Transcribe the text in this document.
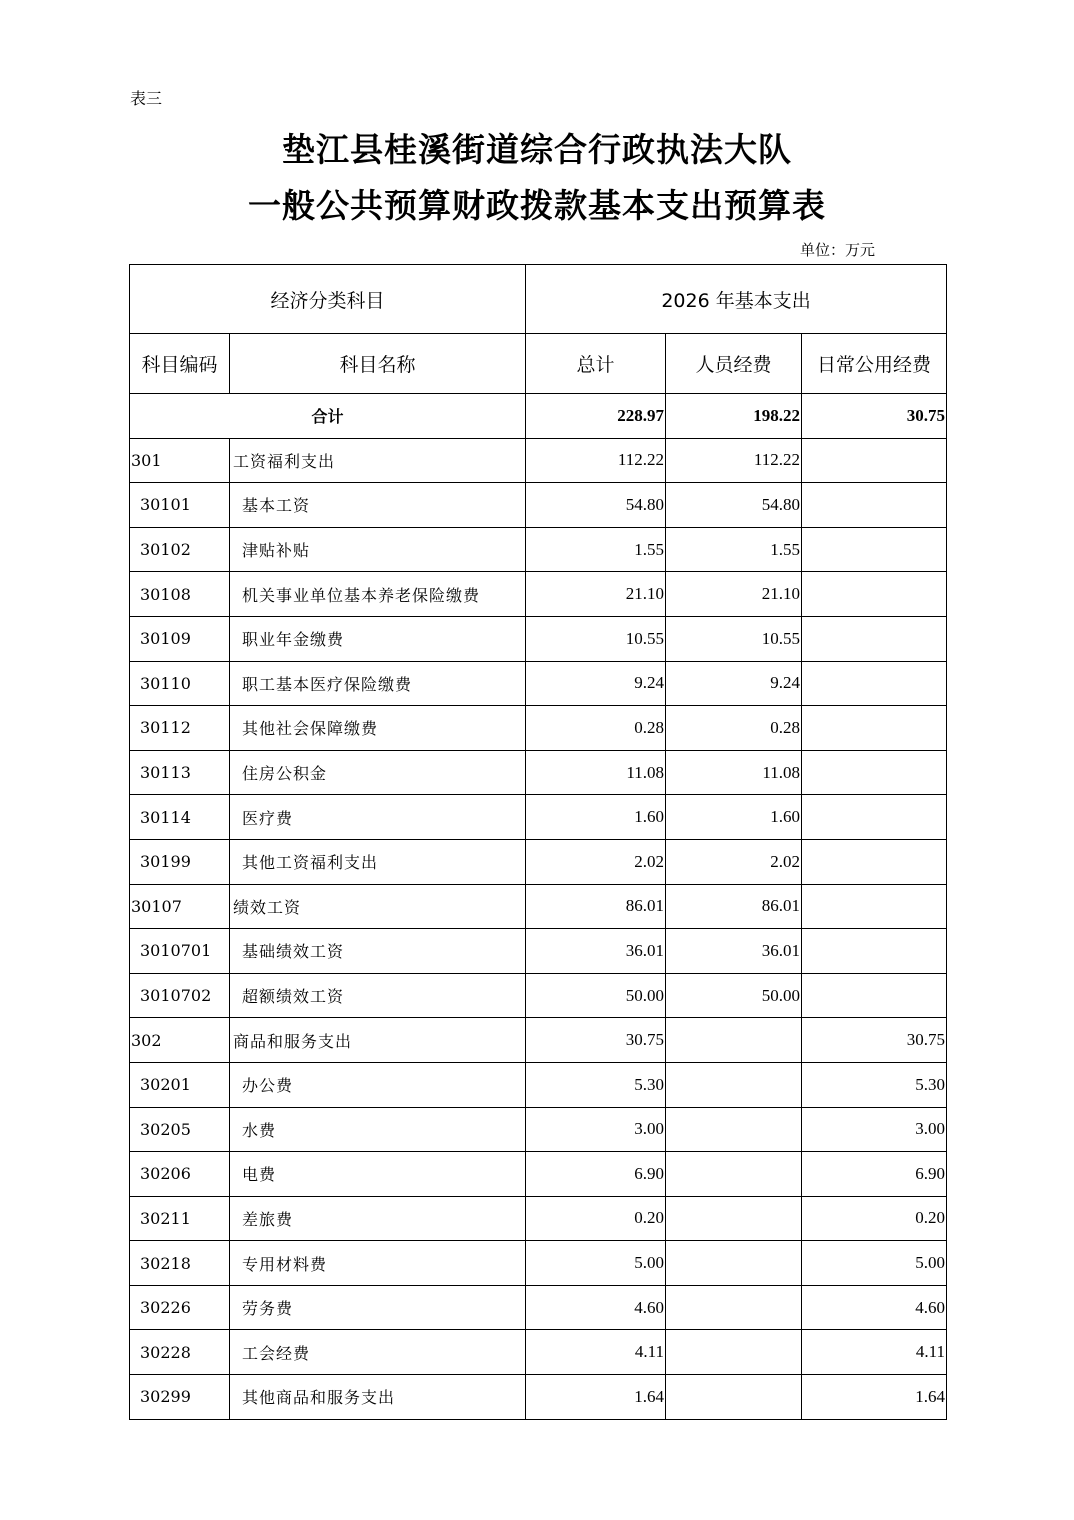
表三
垫江县桂溪街道综合行政执法大队
一般公共预算财政拨款基本支出预算表
单位：万元
经济分类科目		2026 年基本支出		
科目编码	科目名称	总计	人员经费	日常公用经费
合计		228.97	198.22	30.75
301	工资福利支出	112.22	112.22	
30101	基本工资	54.80	54.80	
30102	津贴补贴	1.55	1.55	
30108	机关事业单位基本养老保险缴费	21.10	21.10	
30109	职业年金缴费	10.55	10.55	
30110	职工基本医疗保险缴费	9.24	9.24	
30112	其他社会保障缴费	0.28	0.28	
30113	住房公积金	11.08	11.08	
30114	医疗费	1.60	1.60	
30199	其他工资福利支出	2.02	2.02	
30107	绩效工资	86.01	86.01	
3010701	基础绩效工资	36.01	36.01	
3010702	超额绩效工资	50.00	50.00	
302	商品和服务支出	30.75		30.75
30201	办公费	5.30		5.30
30205	水费	3.00		3.00
30206	电费	6.90		6.90
30211	差旅费	0.20		0.20
30218	专用材料费	5.00		5.00
30226	劳务费	4.60		4.60
30228	工会经费	4.11		4.11
30299	其他商品和服务支出	1.64		1.64
